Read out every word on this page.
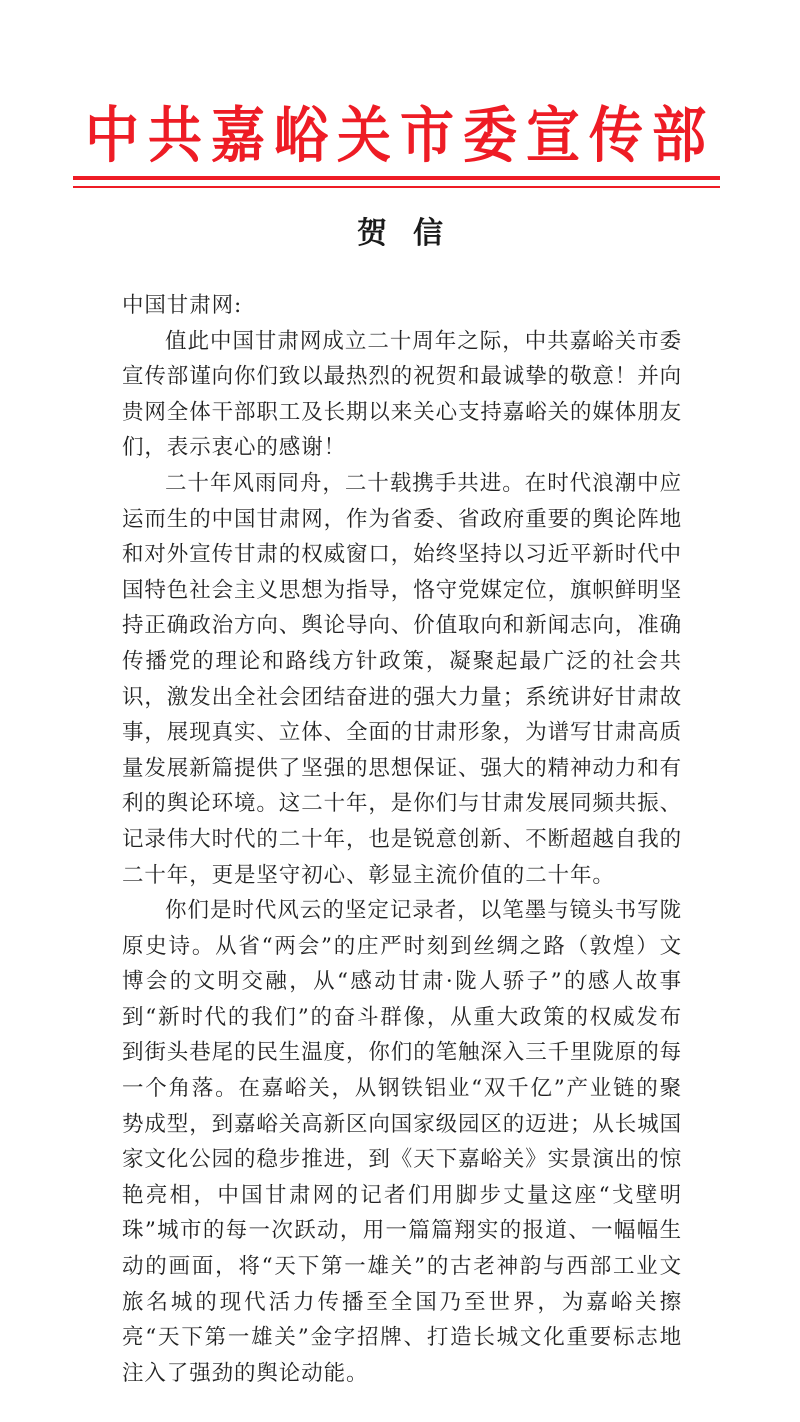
中共嘉峪关市委宣传部
贺信

中国甘肃网:

值此中国甘肃网成立二十周年之际，中共嘉峪关市委宣传部谨向你们致以最热烈的祝贺和最诚挚的敬意！并向贵网全体干部职工及长期以来关心支持嘉峪关的媒体朋友们，表示衷心的感谢！

二十年风雨同舟，二十载携手共进。在时代浪潮中应运而生的中国甘肃网，作为省委、省政府重要的舆论阵地和对外宣传甘肃的权威窗口，始终坚持以习近平新时代中国特色社会主义思想为指导，恪守党媒定位，旗帜鲜明坚持正确政治方向、舆论导向、价值取向和新闻志向，准确传播党的理论和路线方针政策，凝聚起最广泛的社会共识，激发出全社会团结奋进的强大力量；系统讲好甘肃故事，展现真实、立体、全面的甘肃形象，为谱写甘肃高质量发展新篇提供了坚强的思想保证、强大的精神动力和有利的舆论环境。这二十年，是你们与甘肃发展同频共振、记录伟大时代的二十年，也是锐意创新、不断超越自我的二十年，更是坚守初心、彰显主流价值的二十年。

你们是时代风云的坚定记录者，以笔墨与镜头书写陇原史诗。从省“两会”的庄严时刻到丝绸之路（敦煌）文博会的文明交融，从“感动甘肃·陇人骄子”的感人故事到“新时代的我们”的奋斗群像，从重大政策的权威发布到街头巷尾的民生温度，你们的笔触深入三千里陇原的每一个角落。在嘉峪关，从钢铁铝业“双千亿”产业链的聚势成型，到嘉峪关高新区向国家级园区的迈进；从长城国家文化公园的稳步推进，到《天下嘉峪关》实景演出的惊艳亮相，中国甘肃网的记者们用脚步丈量这座“戈壁明珠”城市的每一次跃动，用一篇篇翔实的报道、一幅幅生动的画面，将“天下第一雄关”的古老神韵与西部工业文旅名城的现代活力传播至全国乃至世界，为嘉峪关擦亮“天下第一雄关”金字招牌、打造长城文化重要标志地注入了强劲的舆论动能。
